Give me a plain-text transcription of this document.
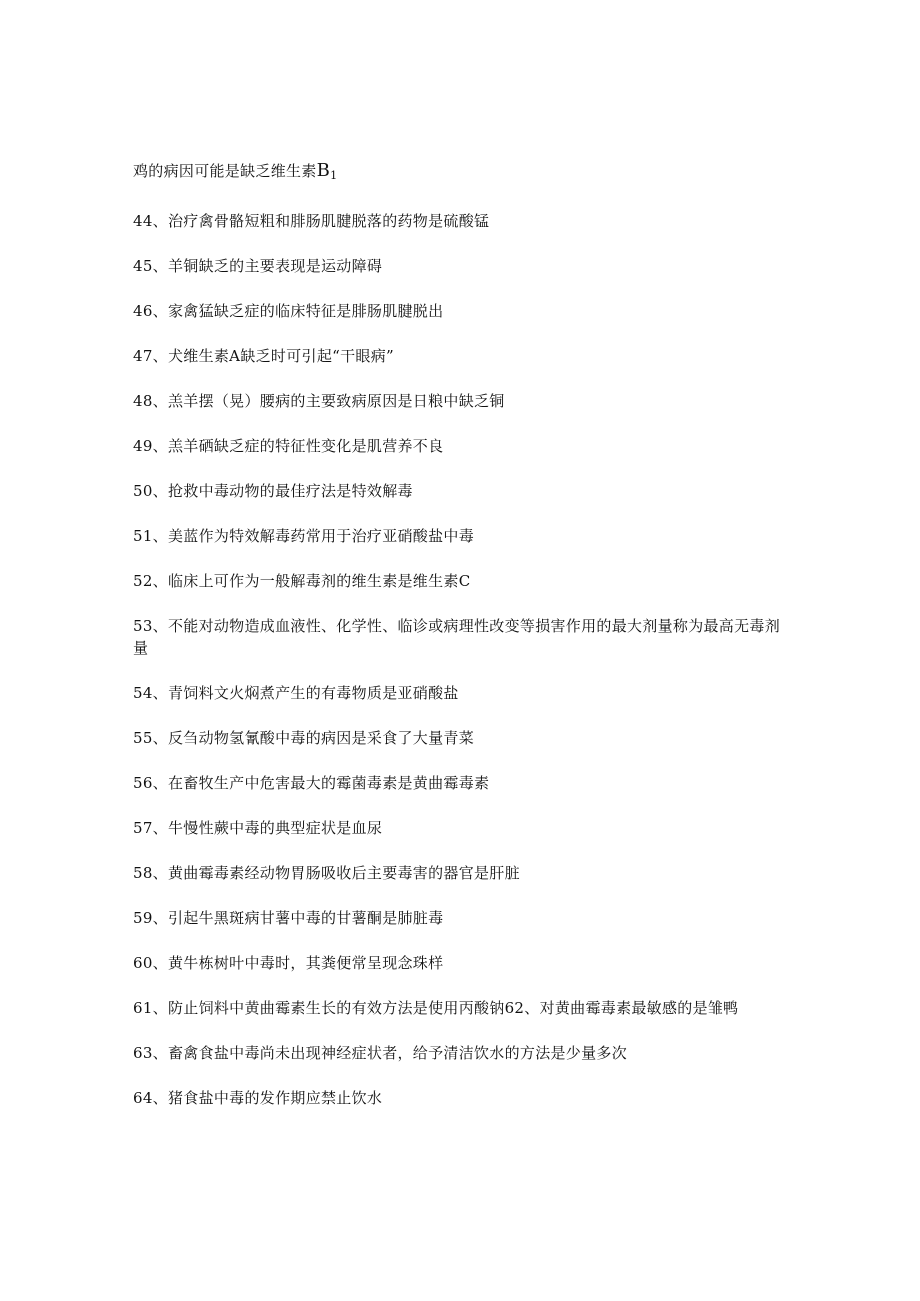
鸡的病因可能是缺乏维生素$B_1$

44、治疗禽骨骼短粗和腓肠肌腱脱落的药物是硫酸锰

45、羊铜缺乏的主要表现是运动障碍

46、家禽猛缺乏症的临床特征是腓肠肌腱脱出

47、犬维生素A缺乏时可引起“干眼病”

48、羔羊摆（晃）腰病的主要致病原因是日粮中缺乏铜

49、羔羊硒缺乏症的特征性变化是肌营养不良

50、抢救中毒动物的最佳疗法是特效解毒

51、美蓝作为特效解毒药常用于治疗亚硝酸盐中毒

52、临床上可作为一般解毒剂的维生素是维生素C

53、不能对动物造成血液性、化学性、临诊或病理性改变等损害作用的最大剂量称为最高无毒剂量

54、青饲料文火焖煮产生的有毒物质是亚硝酸盐

55、反刍动物氢氰酸中毒的病因是采食了大量青菜

56、在畜牧生产中危害最大的霉菌毒素是黄曲霉毒素

57、牛慢性蕨中毒的典型症状是血尿

58、黄曲霉毒素经动物胃肠吸收后主要毒害的器官是肝脏

59、引起牛黑斑病甘薯中毒的甘薯酮是肺脏毒

60、黄牛栋树叶中毒时，其粪便常呈现念珠样

61、防止饲料中黄曲霉素生长的有效方法是使用丙酸钠62、对黄曲霉毒素最敏感的是雏鸭

63、畜禽食盐中毒尚未出现神经症状者，给予清洁饮水的方法是少量多次

64、猪食盐中毒的发作期应禁止饮水
